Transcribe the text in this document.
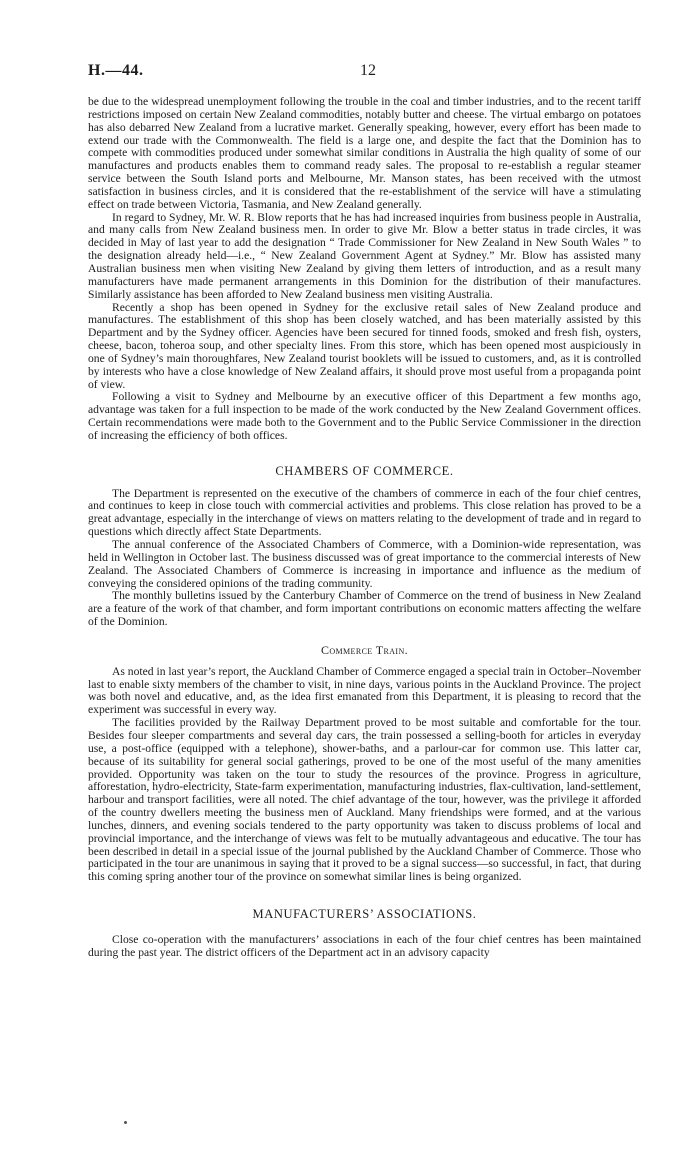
H.—44.	12

be due to the widespread unemployment following the trouble in the coal and timber industries, and to the recent tariff restrictions imposed on certain New Zealand commodities, notably butter and cheese. The virtual embargo on potatoes has also debarred New Zealand from a lucrative market. Generally speaking, however, every effort has been made to extend our trade with the Commonwealth. The field is a large one, and despite the fact that the Dominion has to compete with commodities produced under somewhat similar conditions in Australia the high quality of some of our manufactures and products enables them to command ready sales. The proposal to re-establish a regular steamer service between the South Island ports and Melbourne, Mr. Manson states, has been received with the utmost satisfaction in business circles, and it is considered that the re-establishment of the service will have a stimulating effect on trade between Victoria, Tasmania, and New Zealand generally.

In regard to Sydney, Mr. W. R. Blow reports that he has had increased inquiries from business people in Australia, and many calls from New Zealand business men. In order to give Mr. Blow a better status in trade circles, it was decided in May of last year to add the designation “ Trade Commissioner for New Zealand in New South Wales ” to the designation already held—i.e., “ New Zealand Government Agent at Sydney.” Mr. Blow has assisted many Australian business men when visiting New Zealand by giving them letters of introduction, and as a result many manufacturers have made permanent arrangements in this Dominion for the distribution of their manufactures. Similarly assistance has been afforded to New Zealand business men visiting Australia.

Recently a shop has been opened in Sydney for the exclusive retail sales of New Zealand produce and manufactures. The establishment of this shop has been closely watched, and has been materially assisted by this Department and by the Sydney officer. Agencies have been secured for tinned foods, smoked and fresh fish, oysters, cheese, bacon, toheroa soup, and other specialty lines. From this store, which has been opened most auspiciously in one of Sydney’s main thoroughfares, New Zealand tourist booklets will be issued to customers, and, as it is controlled by interests who have a close knowledge of New Zealand affairs, it should prove most useful from a propaganda point of view.

Following a visit to Sydney and Melbourne by an executive officer of this Department a few months ago, advantage was taken for a full inspection to be made of the work conducted by the New Zealand Government offices. Certain recommendations were made both to the Government and to the Public Service Commissioner in the direction of increasing the efficiency of both offices.

CHAMBERS OF COMMERCE.

The Department is represented on the executive of the chambers of commerce in each of the four chief centres, and continues to keep in close touch with commercial activities and problems. This close relation has proved to be a great advantage, especially in the interchange of views on matters relating to the development of trade and in regard to questions which directly affect State Departments.

The annual conference of the Associated Chambers of Commerce, with a Dominion-wide representation, was held in Wellington in October last. The business discussed was of great importance to the commercial interests of New Zealand. The Associated Chambers of Commerce is increasing in importance and influence as the medium of conveying the considered opinions of the trading community.

The monthly bulletins issued by the Canterbury Chamber of Commerce on the trend of business in New Zealand are a feature of the work of that chamber, and form important contributions on economic matters affecting the welfare of the Dominion.

Commerce Train.

As noted in last year’s report, the Auckland Chamber of Commerce engaged a special train in October–November last to enable sixty members of the chamber to visit, in nine days, various points in the Auckland Province. The project was both novel and educative, and, as the idea first emanated from this Department, it is pleasing to record that the experiment was successful in every way.

The facilities provided by the Railway Department proved to be most suitable and comfortable for the tour. Besides four sleeper compartments and several day cars, the train possessed a selling-booth for articles in everyday use, a post-office (equipped with a telephone), shower-baths, and a parlour-car for common use. This latter car, because of its suitability for general social gatherings, proved to be one of the most useful of the many amenities provided. Opportunity was taken on the tour to study the resources of the province. Progress in agriculture, afforestation, hydro-electricity, State-farm experimentation, manufacturing industries, flax-cultivation, land-settlement, harbour and transport facilities, were all noted. The chief advantage of the tour, however, was the privilege it afforded of the country dwellers meeting the business men of Auckland. Many friendships were formed, and at the various lunches, dinners, and evening socials tendered to the party opportunity was taken to discuss problems of local and provincial importance, and the interchange of views was felt to be mutually advantageous and educative. The tour has been described in detail in a special issue of the journal published by the Auckland Chamber of Commerce. Those who participated in the tour are unanimous in saying that it proved to be a signal success—so successful, in fact, that during this coming spring another tour of the province on somewhat similar lines is being organized.

MANUFACTURERS’ ASSOCIATIONS.

Close co-operation with the manufacturers’ associations in each of the four chief centres has been maintained during the past year. The district officers of the Department act in an advisory capacity
